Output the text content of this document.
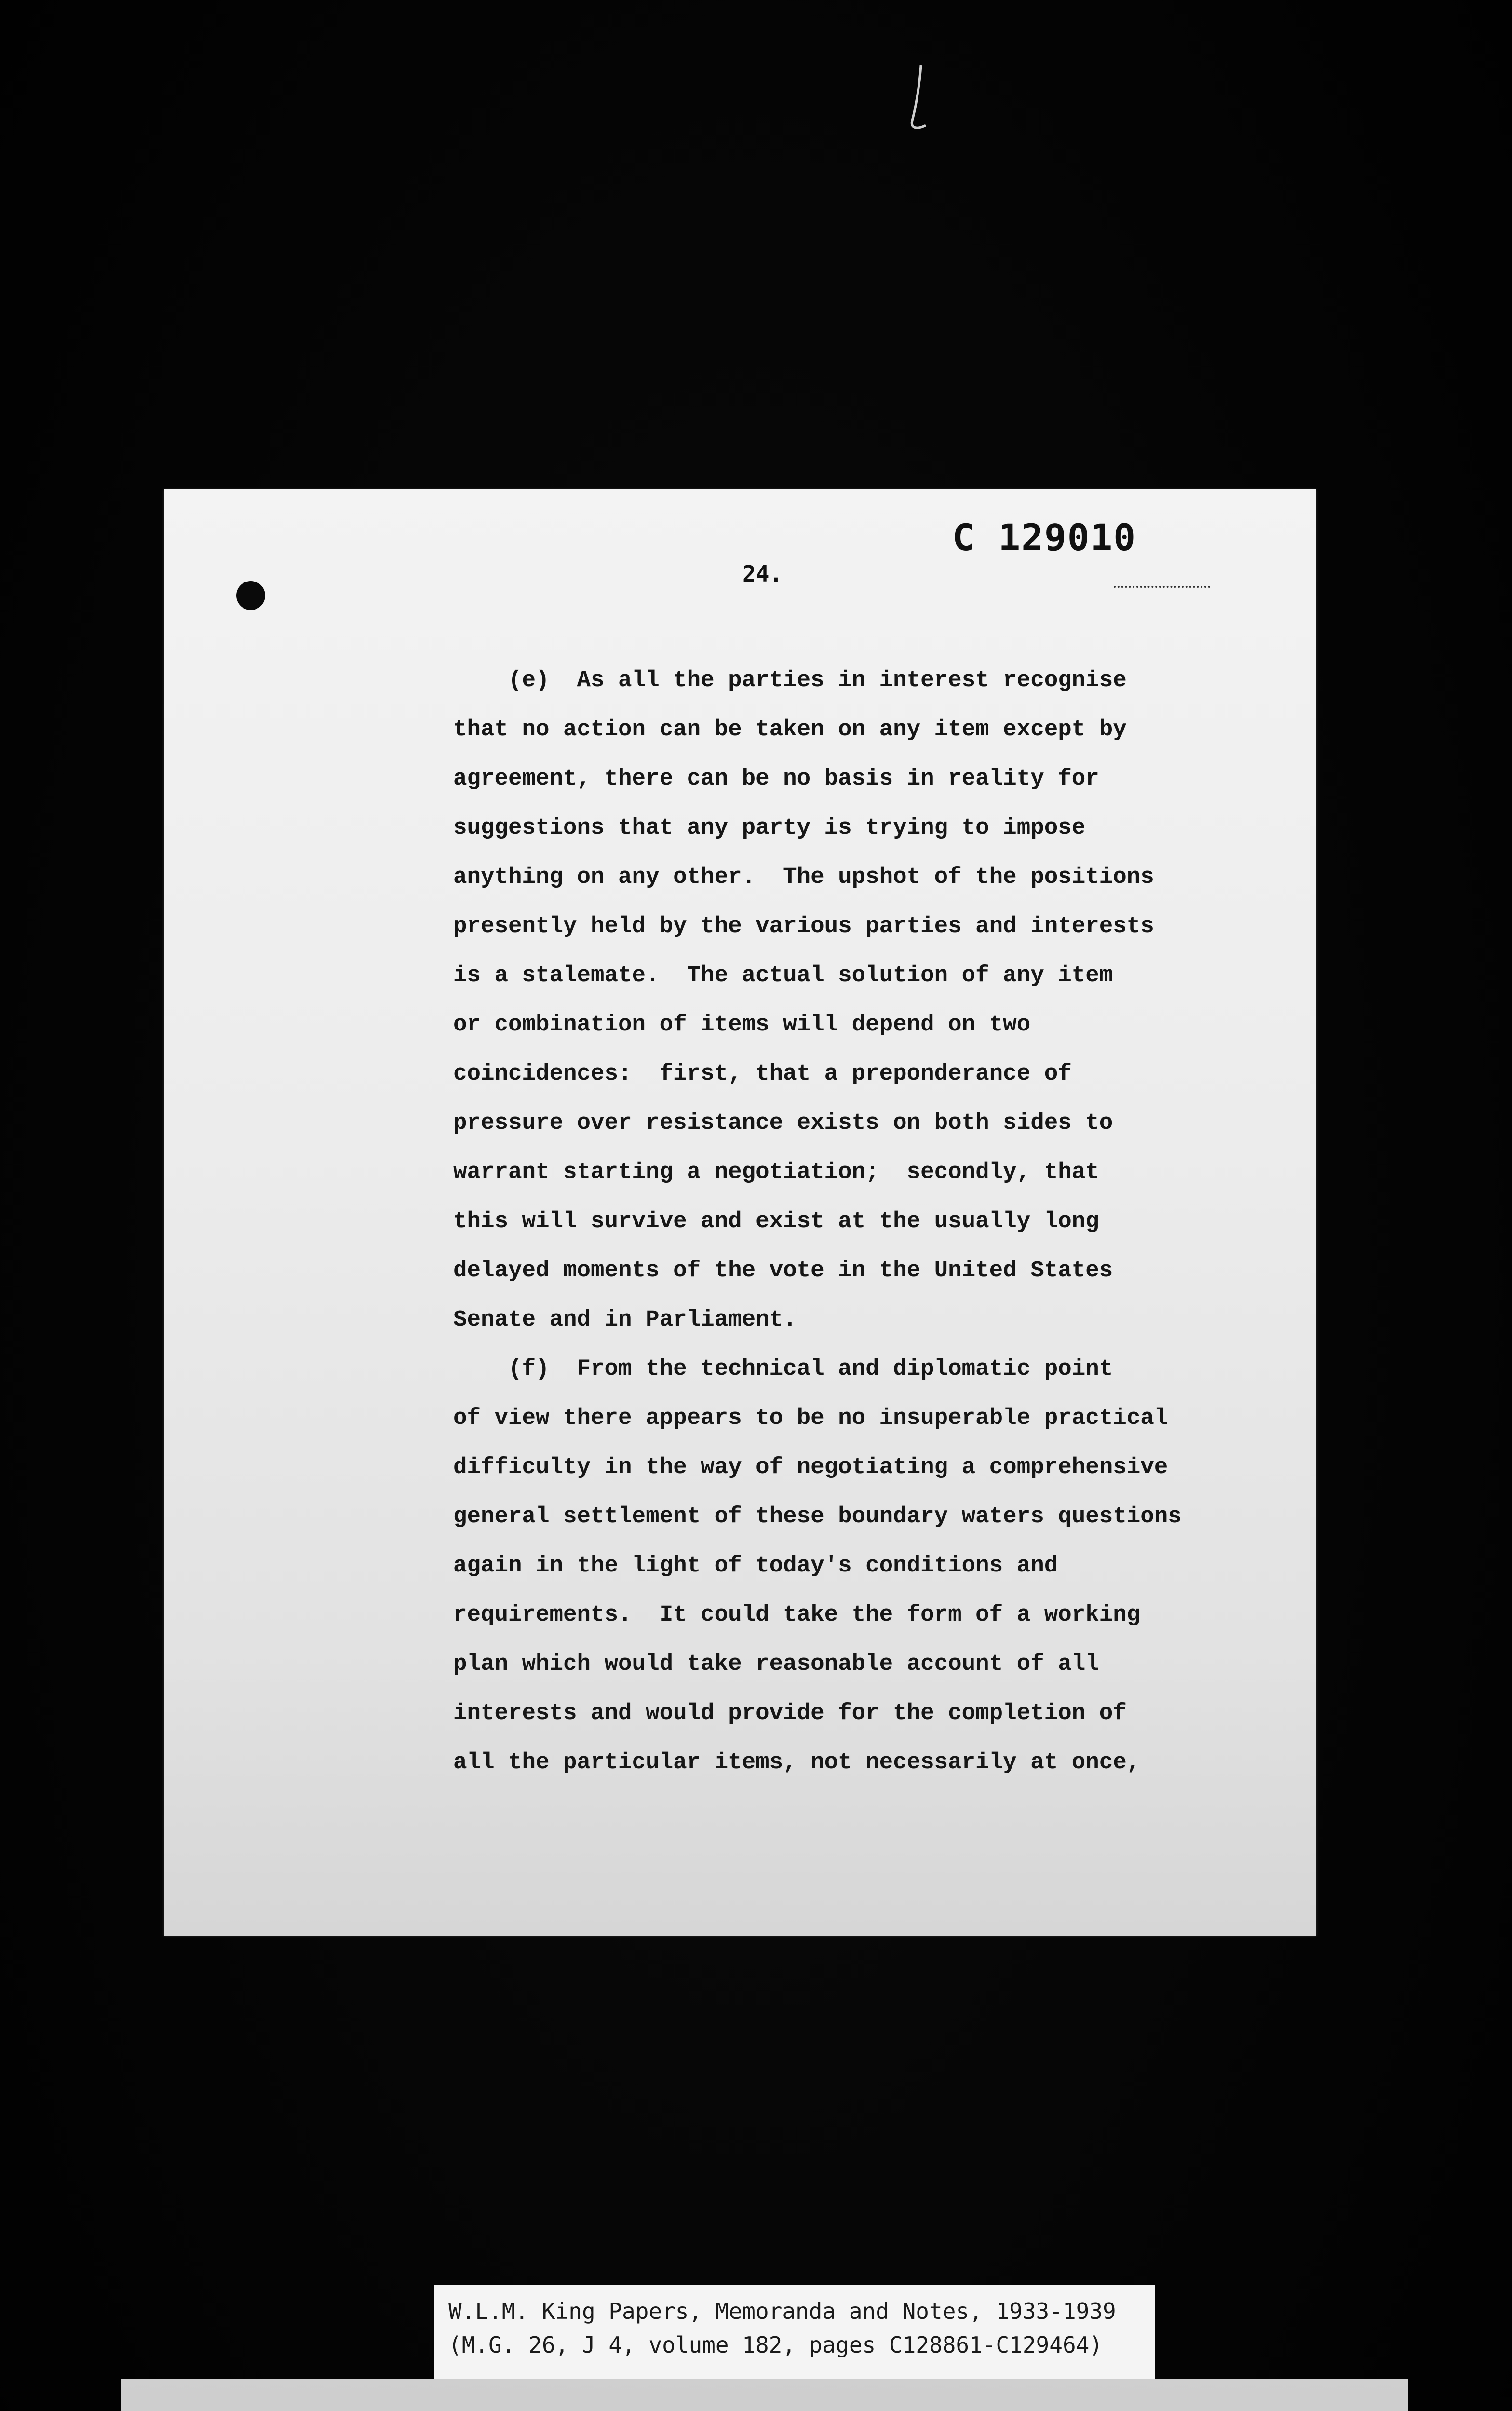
C 129010
24.
(e)  As all the parties in interest recognise
that no action can be taken on any item except by
agreement, there can be no basis in reality for
suggestions that any party is trying to impose
anything on any other.  The upshot of the positions
presently held by the various parties and interests
is a stalemate.  The actual solution of any item
or combination of items will depend on two
coincidences:  first, that a preponderance of
pressure over resistance exists on both sides to
warrant starting a negotiation;  secondly, that
this will survive and exist at the usually long
delayed moments of the vote in the United States
Senate and in Parliament.
(f)  From the technical and diplomatic point
of view there appears to be no insuperable practical
difficulty in the way of negotiating a comprehensive
general settlement of these boundary waters questions
again in the light of today's conditions and
requirements.  It could take the form of a working
plan which would take reasonable account of all
interests and would provide for the completion of
all the particular items, not necessarily at once,
W.L.M. King Papers, Memoranda and Notes, 1933-1939
(M.G. 26, J 4, volume 182, pages C128861-C129464)
